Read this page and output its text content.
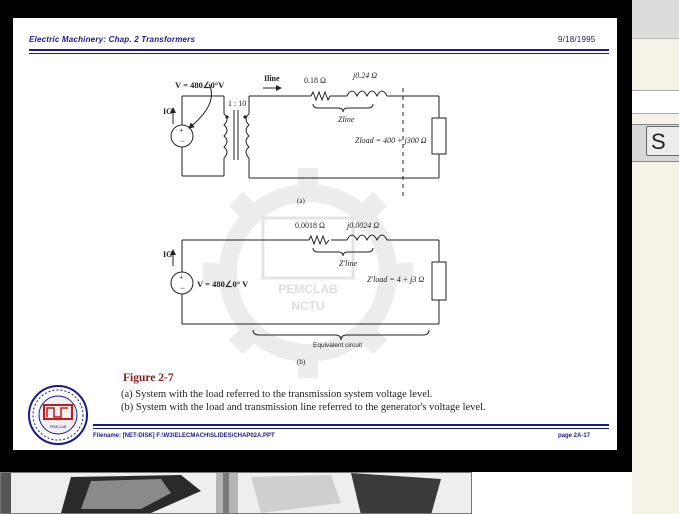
S
Electric Machinery: Chap. 2 Transformers	9/18/1995
PEMCLAB
NCTU
+
−
+
−
V = 480∠0°V
IG
1 : 10
Iline	0.18 Ω
j0.24 Ω
Zline
Zload = 400 + j300 Ω
(a)
IG
0.0018 Ω	j0.0024 Ω
Z'line
V = 480∠0° V	Z'load = 4 + j3 Ω
Equivalent circuit
(b)
Figure 2-7
(a) System with the load referred to the transmission system voltage level.
(b) System with the load and transmission line referred to the generator's voltage level.
PEMCLAB
Filename: [NET-DISK] F:\W3\ELECMACH\SLIDES\CHAP02A.PPT	page 2A-17
